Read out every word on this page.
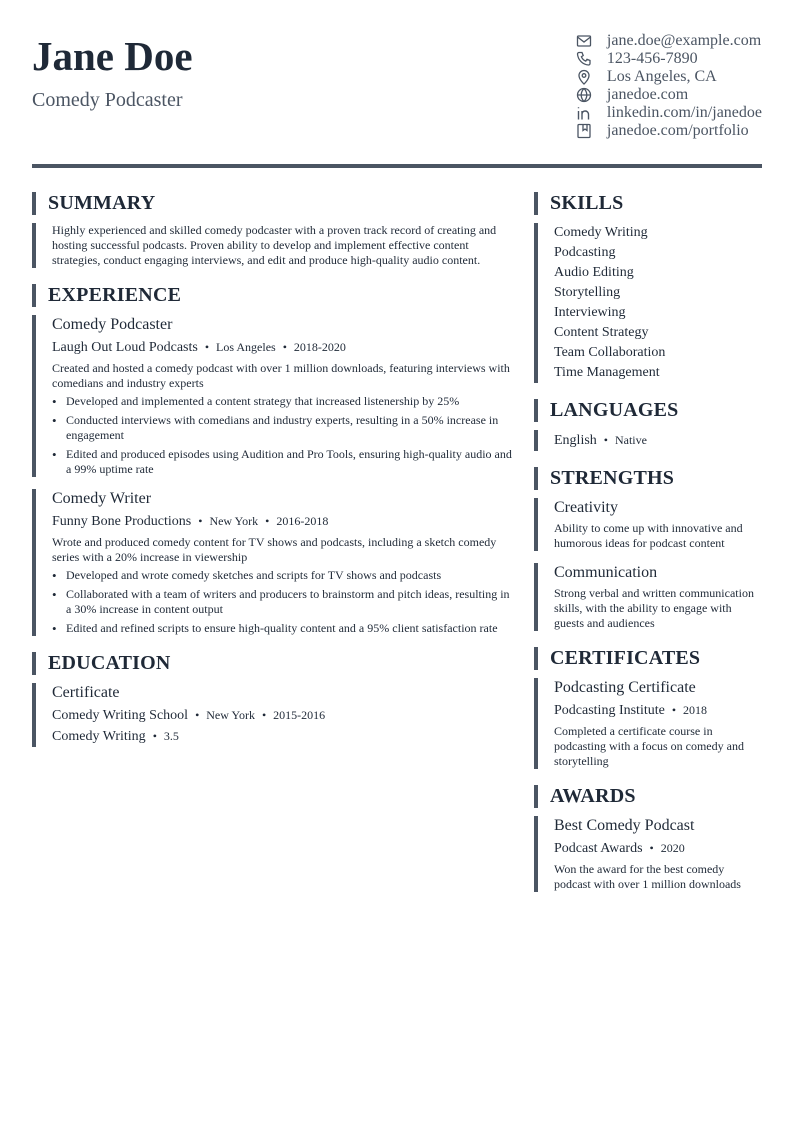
Jane Doe
Comedy Podcaster
jane.doe@example.com
123-456-7890
Los Angeles, CA
janedoe.com
linkedin.com/in/janedoe
janedoe.com/portfolio
SUMMARY
Highly experienced and skilled comedy podcaster with a proven track record of creating and hosting successful podcasts. Proven ability to develop and implement effective content strategies, conduct engaging interviews, and edit and produce high-quality audio content.
EXPERIENCE
Comedy Podcaster
Laugh Out Loud Podcasts • Los Angeles • 2018-2020
Created and hosted a comedy podcast with over 1 million downloads, featuring interviews with comedians and industry experts
• Developed and implemented a content strategy that increased listenership by 25%
• Conducted interviews with comedians and industry experts, resulting in a 50% increase in engagement
• Edited and produced episodes using Audition and Pro Tools, ensuring high-quality audio and a 99% uptime rate
Comedy Writer
Funny Bone Productions • New York • 2016-2018
Wrote and produced comedy content for TV shows and podcasts, including a sketch comedy series with a 20% increase in viewership
• Developed and wrote comedy sketches and scripts for TV shows and podcasts
• Collaborated with a team of writers and producers to brainstorm and pitch ideas, resulting in a 30% increase in content output
• Edited and refined scripts to ensure high-quality content and a 95% client satisfaction rate
EDUCATION
Certificate
Comedy Writing School • New York • 2015-2016
Comedy Writing • 3.5
SKILLS
Comedy Writing
Podcasting
Audio Editing
Storytelling
Interviewing
Content Strategy
Team Collaboration
Time Management
LANGUAGES
English • Native
STRENGTHS
Creativity
Ability to come up with innovative and humorous ideas for podcast content
Communication
Strong verbal and written communication skills, with the ability to engage with guests and audiences
CERTIFICATES
Podcasting Certificate
Podcasting Institute • 2018
Completed a certificate course in podcasting with a focus on comedy and storytelling
AWARDS
Best Comedy Podcast
Podcast Awards • 2020
Won the award for the best comedy podcast with over 1 million downloads
